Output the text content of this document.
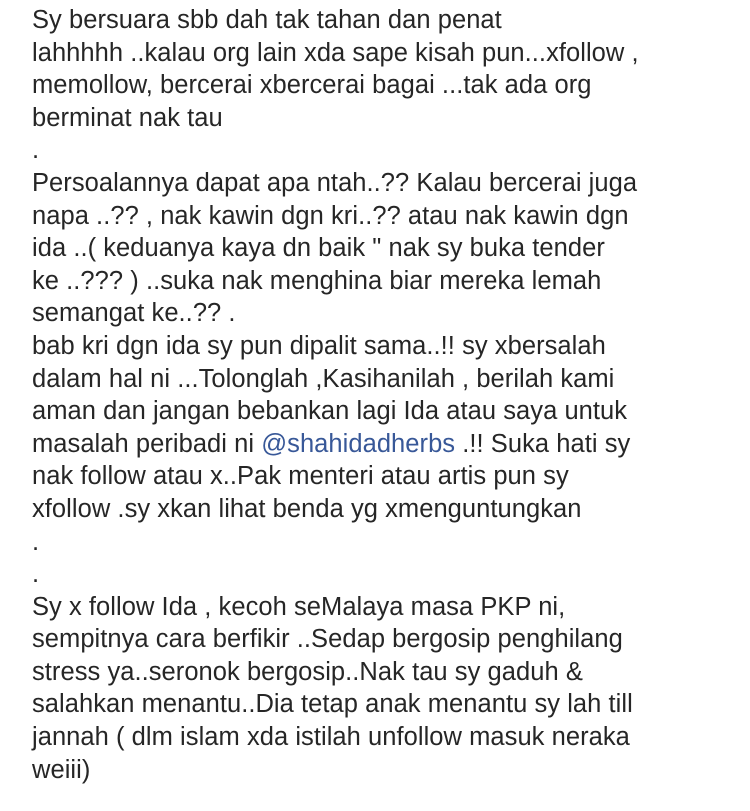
Sy bersuara sbb dah tak tahan dan penat
lahhhhh ..kalau org lain xda sape kisah pun...xfollow ,
memollow, bercerai xbercerai bagai ...tak ada org
berminat nak tau
.
Persoalannya dapat apa ntah..?? Kalau bercerai juga
napa ..?? , nak kawin dgn kri..?? atau nak kawin dgn
ida ..( keduanya kaya dn baik " nak sy buka tender
ke ..??? ) ..suka nak menghina biar mereka lemah
semangat ke..?? .
bab kri dgn ida sy pun dipalit sama..!! sy xbersalah
dalam hal ni ...Tolonglah ,Kasihanilah , berilah kami
aman dan jangan bebankan lagi Ida atau saya untuk
masalah peribadi ni @shahidadherbs .!! Suka hati sy
nak follow atau x..Pak menteri atau artis pun sy
xfollow .sy xkan lihat benda yg xmenguntungkan
.
.
Sy x follow Ida , kecoh seMalaya masa PKP ni,
sempitnya cara berfikir ..Sedap bergosip penghilang
stress ya..seronok bergosip..Nak tau sy gaduh &
salahkan menantu..Dia tetap anak menantu sy lah till
jannah ( dlm islam xda istilah unfollow masuk neraka
weiii)
